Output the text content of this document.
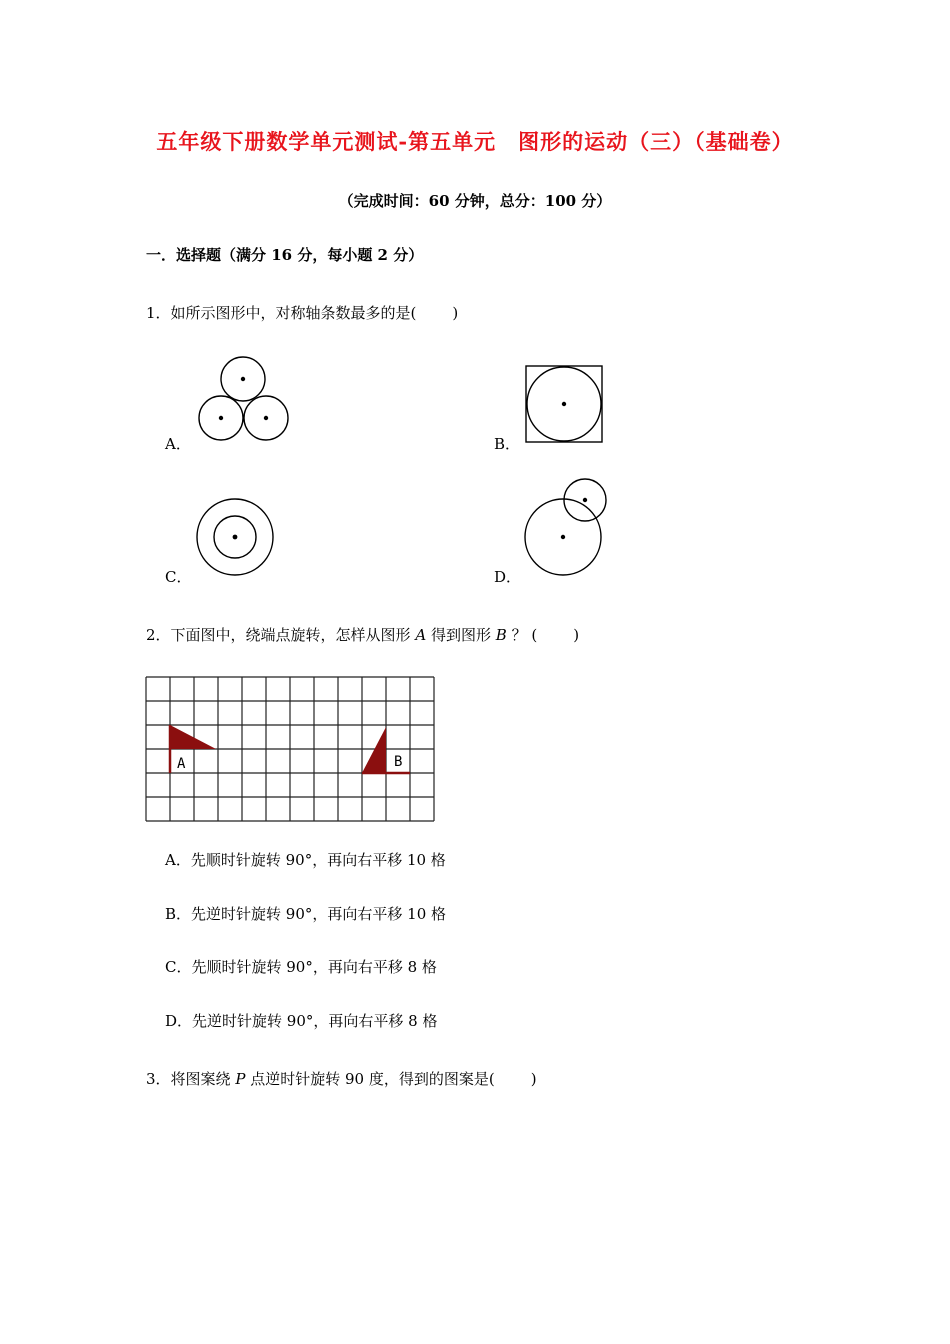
五年级下册数学单元测试-第五单元　图形的运动（三）（基础卷）
（完成时间：60 分钟，总分：100 分）
一．选择题（满分 16 分，每小题 2 分）
1．如所示图形中，对称轴条数最多的是( )
A．	B．
C．	D．
2．下面图中，绕端点旋转，怎样从图形 A 得到图形 B ？ ( )
A	B
A．先顺时针旋转 90°，再向右平移 10 格
B．先逆时针旋转 90°，再向右平移 10 格
C．先顺时针旋转 90°，再向右平移 8 格
D．先逆时针旋转 90°，再向右平移 8 格
3．将图案绕 P 点逆时针旋转 90 度，得到的图案是( )
